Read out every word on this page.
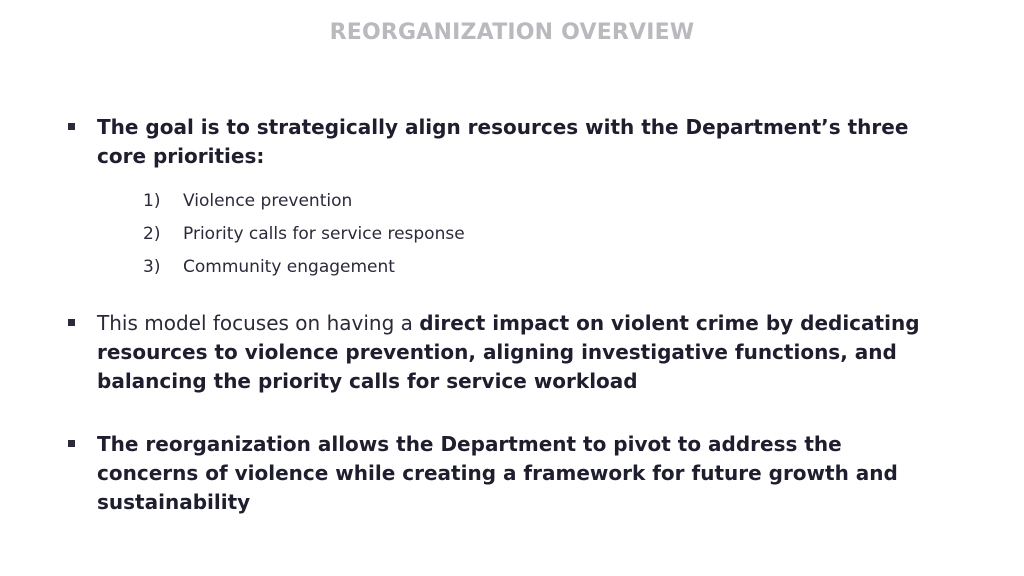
REORGANIZATION OVERVIEW
The goal is to strategically align resources with the Department’s three core priorities:
1)	Violence prevention
2)	Priority calls for service response
3)	Community engagement
This model focuses on having a direct impact on violent crime by dedicating resources to violence prevention, aligning investigative functions, and balancing the priority calls for service workload
The reorganization allows the Department to pivot to address the concerns of violence while creating a framework for future growth and sustainability
